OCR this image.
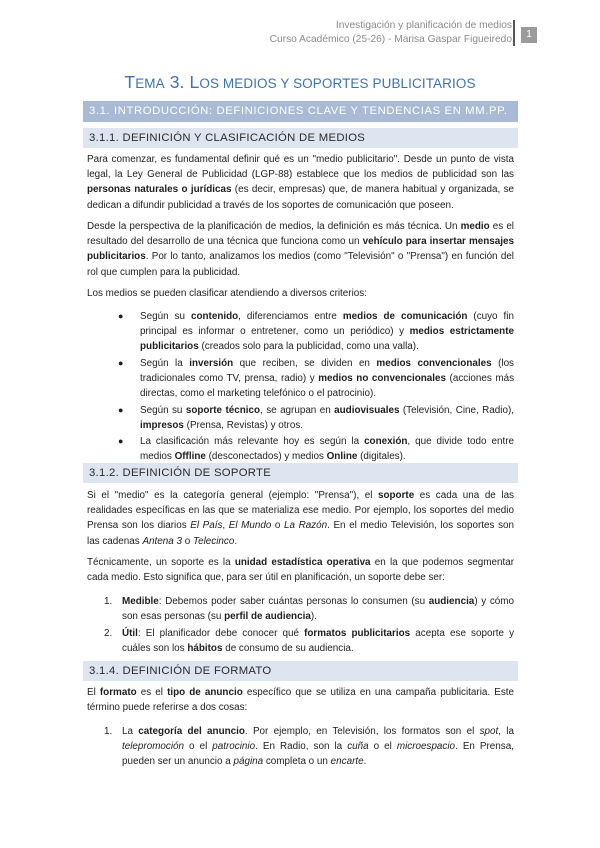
Investigación y planificación de medios
Curso Académico (25-26) - Marisa Gaspar Figueiredo	1
TEMA 3. LOS MEDIOS Y SOPORTES PUBLICITARIOS
3.1. INTRODUCCIÓN: DEFINICIONES CLAVE Y TENDENCIAS EN MM.PP.
3.1.1. DEFINICIÓN Y CLASIFICACIÓN DE MEDIOS
Para comenzar, es fundamental definir qué es un "medio publicitario". Desde un punto de vista legal, la Ley General de Publicidad (LGP-88) establece que los medios de publicidad son las personas naturales o jurídicas (es decir, empresas) que, de manera habitual y organizada, se dedican a difundir publicidad a través de los soportes de comunicación que poseen.
Desde la perspectiva de la planificación de medios, la definición es más técnica. Un medio es el resultado del desarrollo de una técnica que funciona como un vehículo para insertar mensajes publicitarios. Por lo tanto, analizamos los medios (como "Televisión" o "Prensa") en función del rol que cumplen para la publicidad.
Los medios se pueden clasificar atendiendo a diversos criterios:
● Según su contenido, diferenciamos entre medios de comunicación (cuyo fin principal es informar o entretener, como un periódico) y medios estrictamente publicitarios (creados solo para la publicidad, como una valla).
● Según la inversión que reciben, se dividen en medios convencionales (los tradicionales como TV, prensa, radio) y medios no convencionales (acciones más directas, como el marketing telefónico o el patrocinio).
● Según su soporte técnico, se agrupan en audiovisuales (Televisión, Cine, Radio), impresos (Prensa, Revistas) y otros.
● La clasificación más relevante hoy es según la conexión, que divide todo entre medios Offline (desconectados) y medios Online (digitales).
3.1.2. DEFINICIÓN DE SOPORTE
Si el "medio" es la categoría general (ejemplo: "Prensa"), el soporte es cada una de las realidades específicas en las que se materializa ese medio. Por ejemplo, los soportes del medio Prensa son los diarios El País, El Mundo o La Razón. En el medio Televisión, los soportes son las cadenas Antena 3 o Telecinco.
Técnicamente, un soporte es la unidad estadística operativa en la que podemos segmentar cada medio. Esto significa que, para ser útil en planificación, un soporte debe ser:
1. Medible: Debemos poder saber cuántas personas lo consumen (su audiencia) y cómo son esas personas (su perfil de audiencia).
2. Útil: El planificador debe conocer qué formatos publicitarios acepta ese soporte y cuáles son los hábitos de consumo de su audiencia.
3.1.4. DEFINICIÓN DE FORMATO
El formato es el tipo de anuncio específico que se utiliza en una campaña publicitaria. Este término puede referirse a dos cosas:
1. La categoría del anuncio. Por ejemplo, en Televisión, los formatos son el spot, la telepromoción o el patrocinio. En Radio, son la cuña o el microespacio. En Prensa, pueden ser un anuncio a página completa o un encarte.
